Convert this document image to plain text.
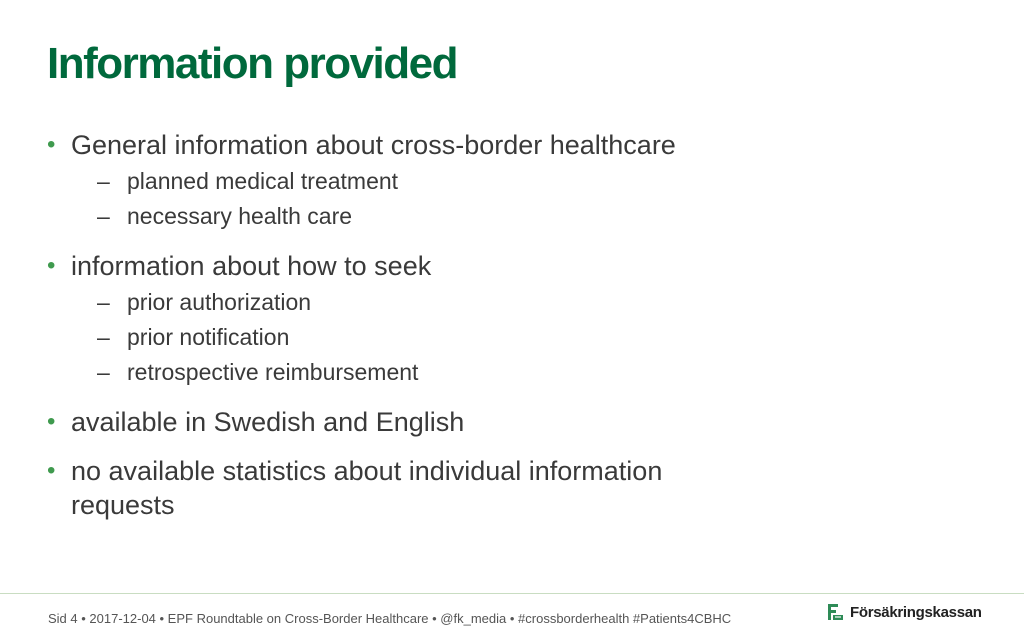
Information provided
• General information about cross-border healthcare
– planned medical treatment
– necessary health care
• information about how to seek
– prior authorization
– prior notification
– retrospective reimbursement
• available in Swedish and English
• no available statistics about individual information requests
Sid 4 • 2017-12-04 • EPF Roundtable on Cross-Border Healthcare • @fk_media • #crossborderhealth #Patients4CBHC	Försäkringskassan
